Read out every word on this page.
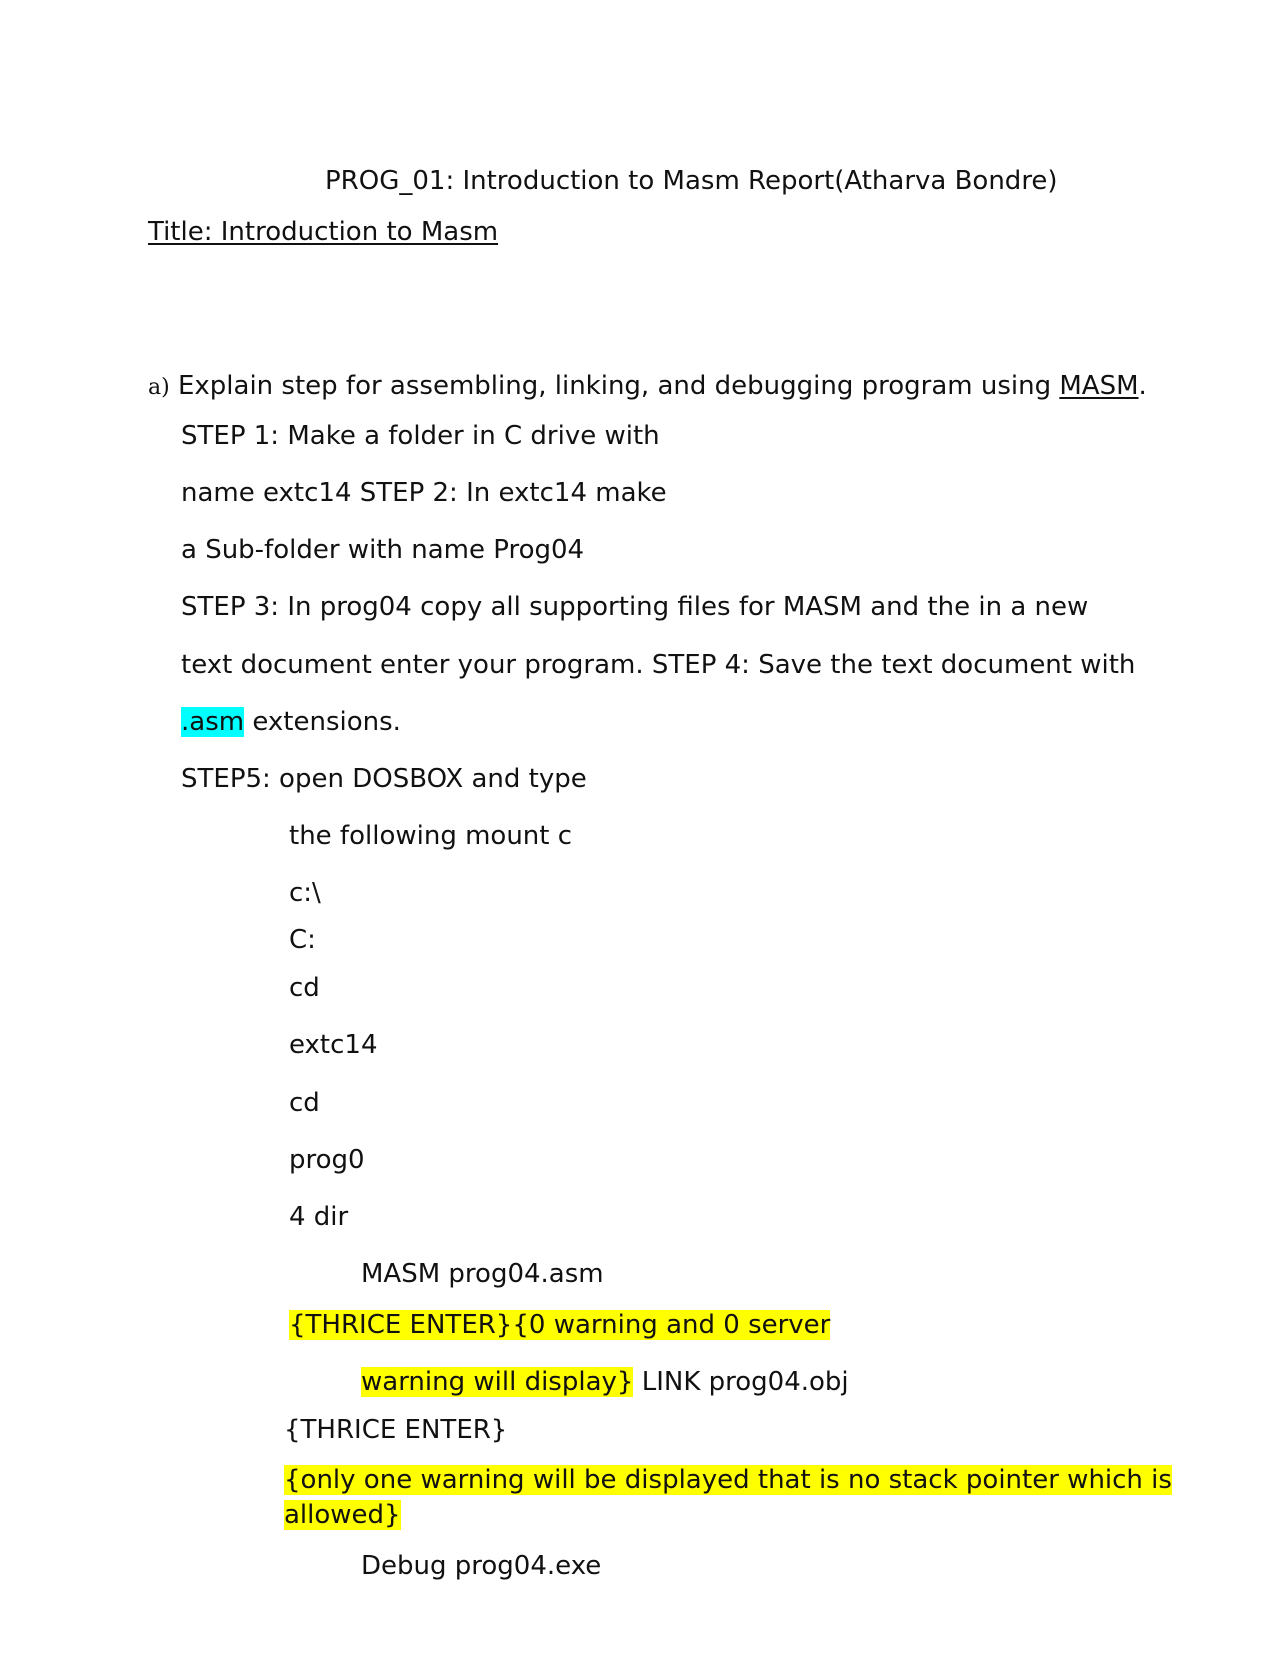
PROG_01: Introduction to Masm Report(Atharva Bondre)
Title: Introduction to Masm
a) Explain step for assembling, linking, and debugging program using MASM.
STEP 1: Make a folder in C drive with
name extc14 STEP 2: In extc14 make
a Sub-folder with name Prog04
STEP 3: In prog04 copy all supporting files for MASM and the in a new
text document enter your program. STEP 4: Save the text document with
.asm extensions.
STEP5: open DOSBOX and type
the following mount c
c:\
C:
cd
extc14
cd
prog0
4 dir
MASM prog04.asm
{THRICE ENTER}{0 warning and 0 server
warning will display} LINK prog04.obj
{THRICE ENTER}
{only one warning will be displayed that is no stack pointer which is
allowed}
Debug prog04.exe
